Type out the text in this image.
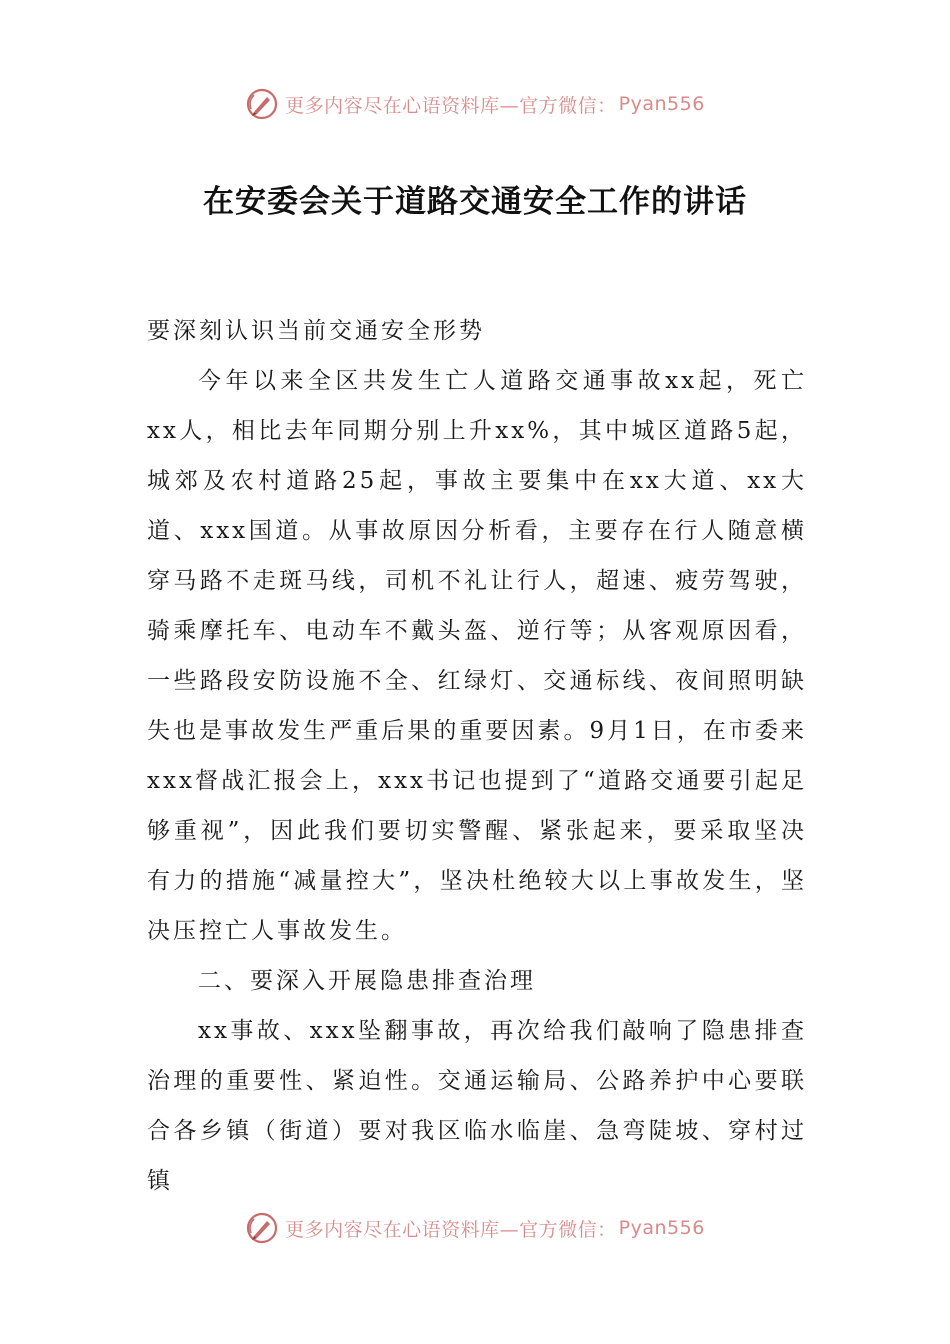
更多内容尽在心语资料库—官方微信： Pyan556
在安委会关于道路交通安全工作的讲话

要深刻认识当前交通安全形势

今年以来全区共发生亡人道路交通事故xx起，死亡xx人，相比去年同期分别上升xx%，其中城区道路5起，城郊及农村道路25起，事故主要集中在xx大道、xx大道、xxx国道。从事故原因分析看，主要存在行人随意横穿马路不走斑马线，司机不礼让行人，超速、疲劳驾驶，骑乘摩托车、电动车不戴头盔、逆行等；从客观原因看，一些路段安防设施不全、红绿灯、交通标线、夜间照明缺失也是事故发生严重后果的重要因素。9月1日，在市委来xxx督战汇报会上，xxx书记也提到了“道路交通要引起足够重视”，因此我们要切实警醒、紧张起来，要采取坚决有力的措施“减量控大”，坚决杜绝较大以上事故发生，坚决压控亡人事故发生。

二、要深入开展隐患排查治理

xx事故、xxx坠翻事故，再次给我们敲响了隐患排查治理的重要性、紧迫性。交通运输局、公路养护中心要联合各乡镇（街道）要对我区临水临崖、急弯陡坡、穿村过镇

更多内容尽在心语资料库—官方微信： Pyan556
